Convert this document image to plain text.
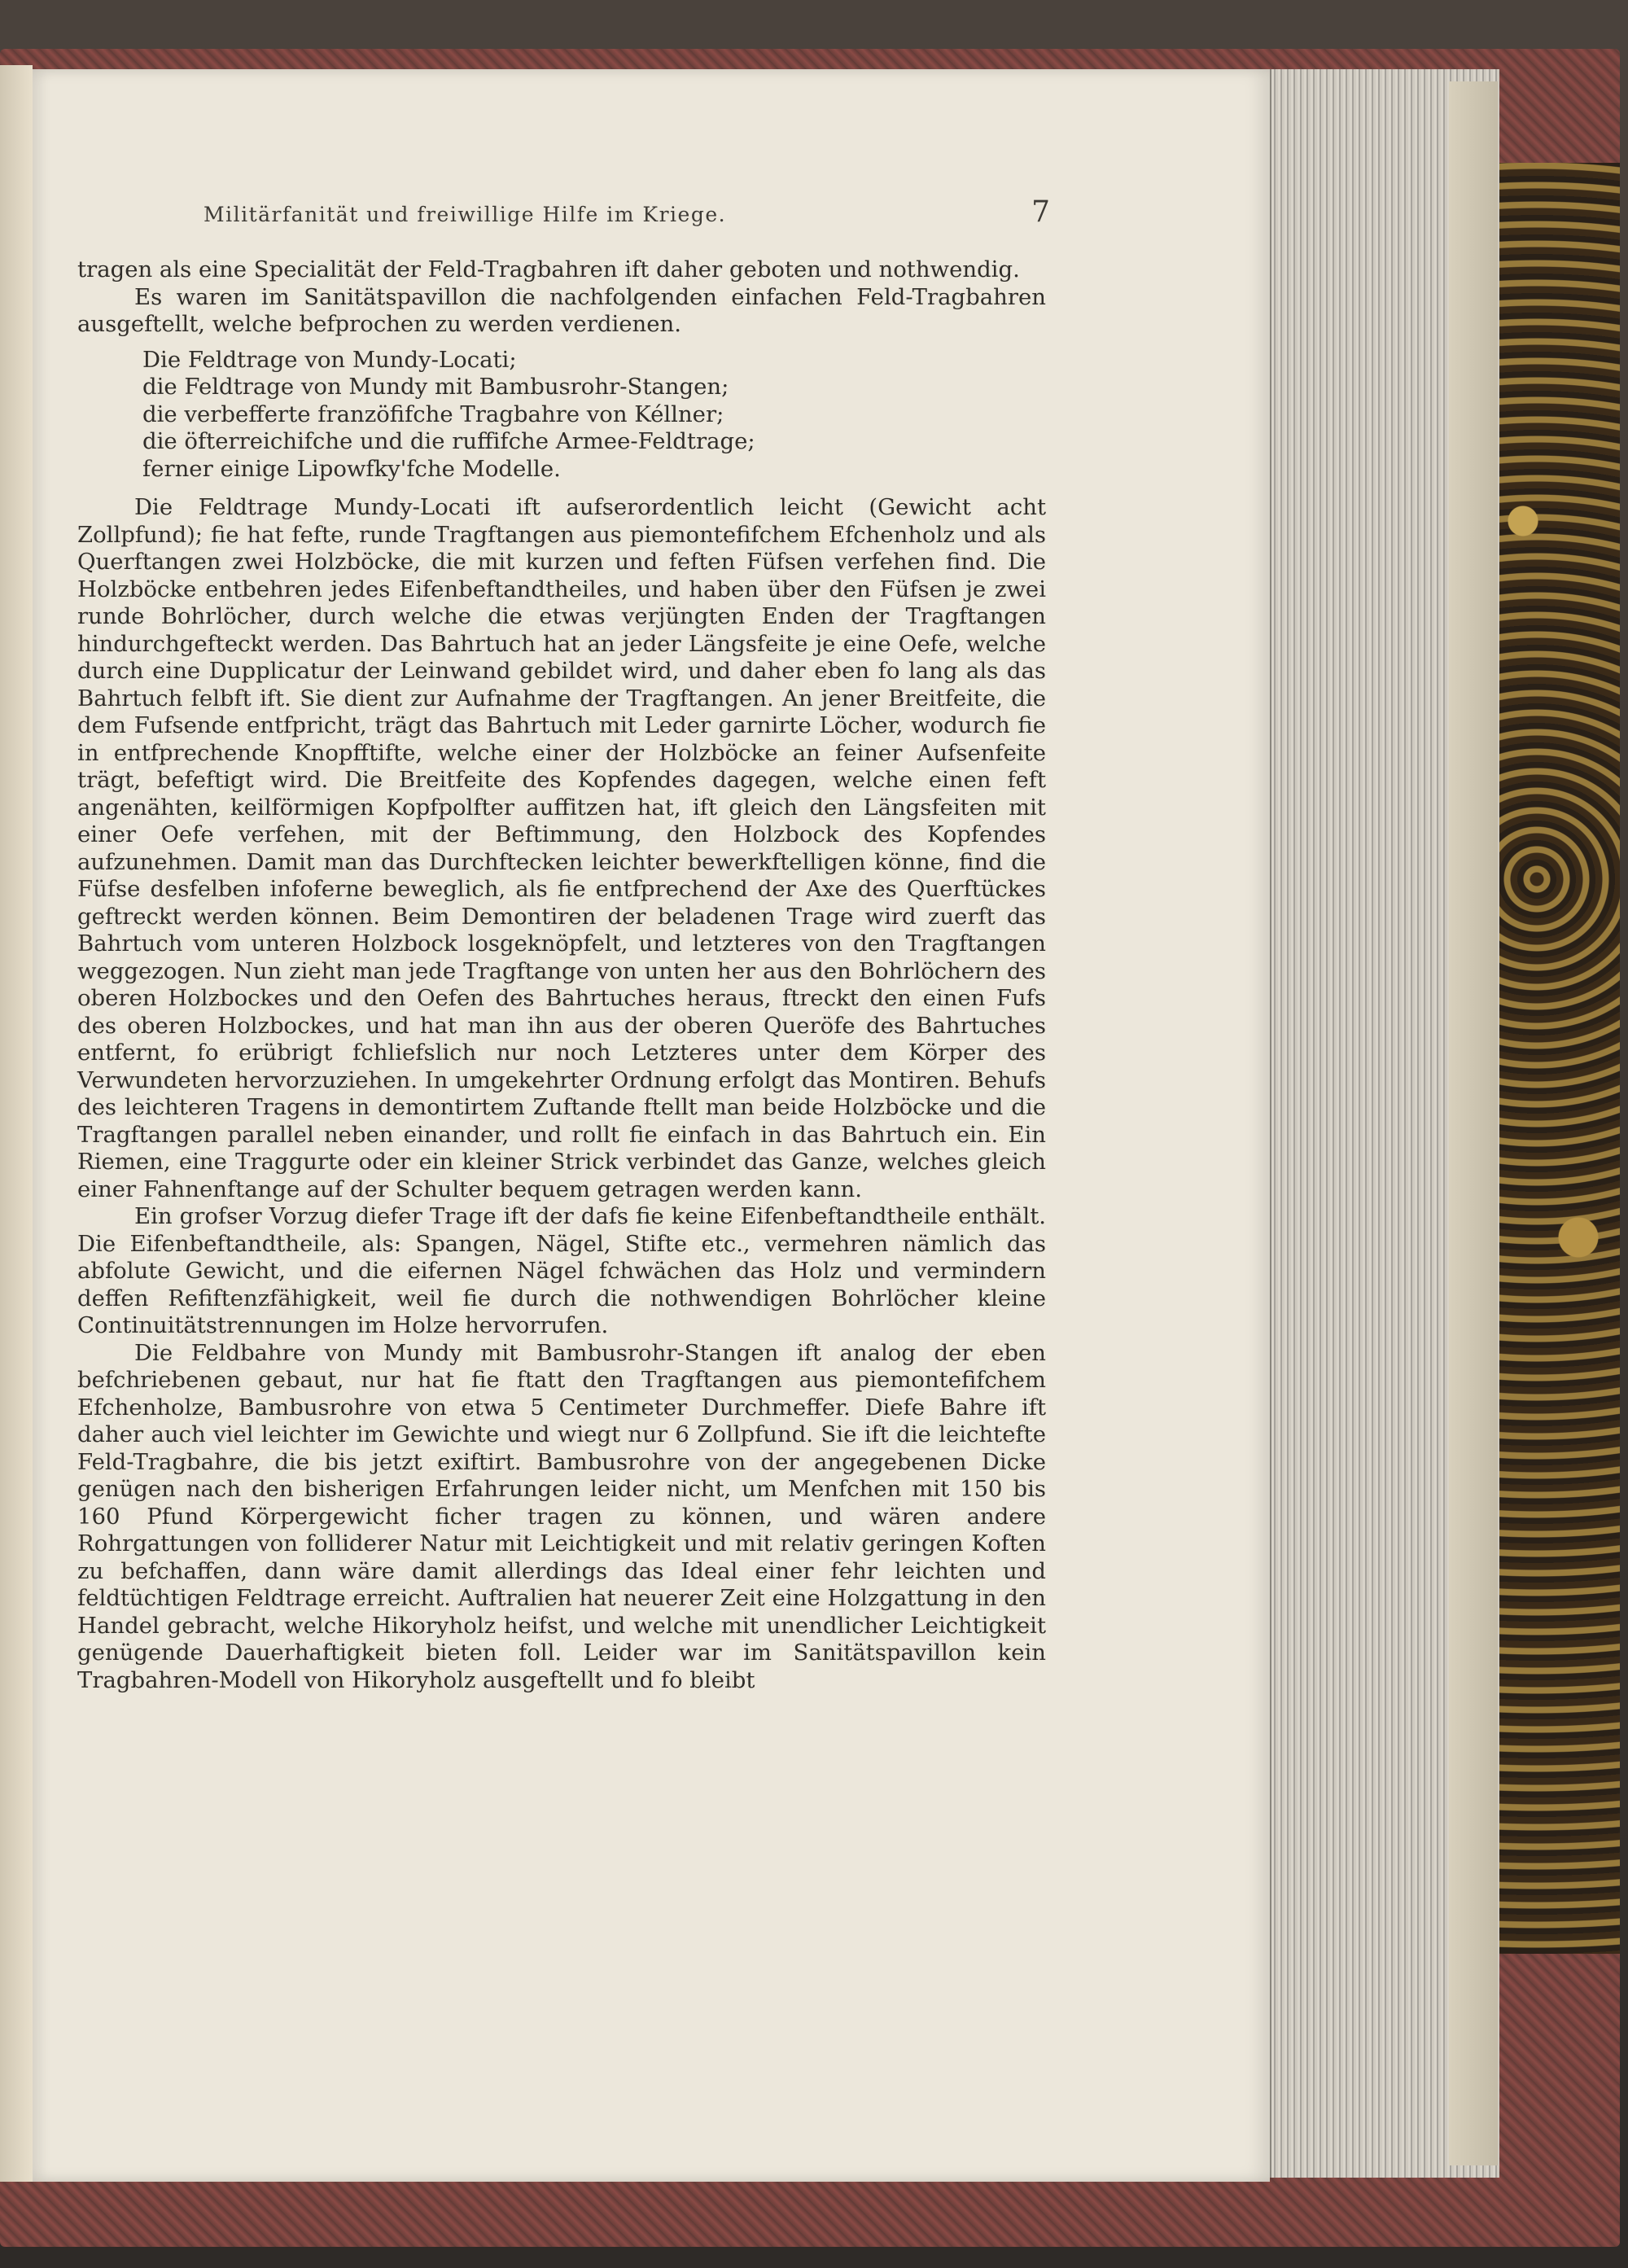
Militärfanität und freiwillige Hilfe im Kriege.	7

tragen als eine Specialität der Feld-Tragbahren ift daher geboten und nothwendig.

Es waren im Sanitätspavillon die nachfolgenden einfachen Feld-Tragbahren ausgeftellt, welche befprochen zu werden verdienen.

Die Feldtrage von Mundy-Locati;
die Feldtrage von Mundy mit Bambusrohr-Stangen;
die verbefferte franzöfifche Tragbahre von Kéllner;
die öfterreichifche und die ruffifche Armee-Feldtrage;
ferner einige Lipowfky'fche Modelle.

Die Feldtrage Mundy-Locati ift aufserordentlich leicht (Gewicht acht Zollpfund); fie hat fefte, runde Tragftangen aus piemontefifchem Efchenholz und als Querftangen zwei Holzböcke, die mit kurzen und feften Füfsen verfehen find. Die Holzböcke entbehren jedes Eifenbeftandtheiles, und haben über den Füfsen je zwei runde Bohrlöcher, durch welche die etwas verjüngten Enden der Tragftangen hindurchgefteckt werden. Das Bahrtuch hat an jeder Längsfeite je eine Oefe, welche durch eine Dupplicatur der Leinwand gebildet wird, und daher eben fo lang als das Bahrtuch felbft ift. Sie dient zur Aufnahme der Tragftangen. An jener Breitfeite, die dem Fufsende entfpricht, trägt das Bahrtuch mit Leder garnirte Löcher, wodurch fie in entfprechende Knopfftifte, welche einer der Holzböcke an feiner Aufsenfeite trägt, befeftigt wird. Die Breitfeite des Kopfendes dagegen, welche einen feft angenähten, keilförmigen Kopfpolfter auffitzen hat, ift gleich den Längsfeiten mit einer Oefe verfehen, mit der Beftimmung, den Holzbock des Kopfendes aufzunehmen. Damit man das Durchftecken leichter bewerkftelligen könne, find die Füfse desfelben infoferne beweglich, als fie entfprechend der Axe des Querftückes geftreckt werden können. Beim Demontiren der beladenen Trage wird zuerft das Bahrtuch vom unteren Holzbock losgeknöpfelt, und letzteres von den Tragftangen weggezogen. Nun zieht man jede Tragftange von unten her aus den Bohrlöchern des oberen Holzbockes und den Oefen des Bahrtuches heraus, ftreckt den einen Fufs des oberen Holzbockes, und hat man ihn aus der oberen Queröfe des Bahrtuches entfernt, fo erübrigt fchliefslich nur noch Letzteres unter dem Körper des Verwundeten hervorzuziehen. In umgekehrter Ordnung erfolgt das Montiren. Behufs des leichteren Tragens in demontirtem Zuftande ftellt man beide Holzböcke und die Tragftangen parallel neben einander, und rollt fie einfach in das Bahrtuch ein. Ein Riemen, eine Traggurte oder ein kleiner Strick verbindet das Ganze, welches gleich einer Fahnenftange auf der Schulter bequem getragen werden kann.

Ein grofser Vorzug diefer Trage ift der dafs fie keine Eifenbeftandtheile enthält. Die Eifenbeftandtheile, als: Spangen, Nägel, Stifte etc., vermehren nämlich das abfolute Gewicht, und die eifernen Nägel fchwächen das Holz und vermindern deffen Refiftenzfähigkeit, weil fie durch die nothwendigen Bohrlöcher kleine Continuitätstrennungen im Holze hervorrufen.

Die Feldbahre von Mundy mit Bambusrohr-Stangen ift analog der eben befchriebenen gebaut, nur hat fie ftatt den Tragftangen aus piemontefifchem Efchenholze, Bambusrohre von etwa 5 Centimeter Durchmeffer. Diefe Bahre ift daher auch viel leichter im Gewichte und wiegt nur 6 Zollpfund. Sie ift die leichtefte Feld-Tragbahre, die bis jetzt exiftirt. Bambusrohre von der angegebenen Dicke genügen nach den bisherigen Erfahrungen leider nicht, um Menfchen mit 150 bis 160 Pfund Körpergewicht ficher tragen zu können, und wären andere Rohrgattungen von folliderer Natur mit Leichtigkeit und mit relativ geringen Koften zu befchaffen, dann wäre damit allerdings das Ideal einer fehr leichten und feldtüchtigen Feldtrage erreicht. Auftralien hat neuerer Zeit eine Holzgattung in den Handel gebracht, welche Hikoryholz heifst, und welche mit unendlicher Leichtigkeit genügende Dauerhaftigkeit bieten foll. Leider war im Sanitätspavillon kein Tragbahren-Modell von Hikoryholz ausgeftellt und fo bleibt
